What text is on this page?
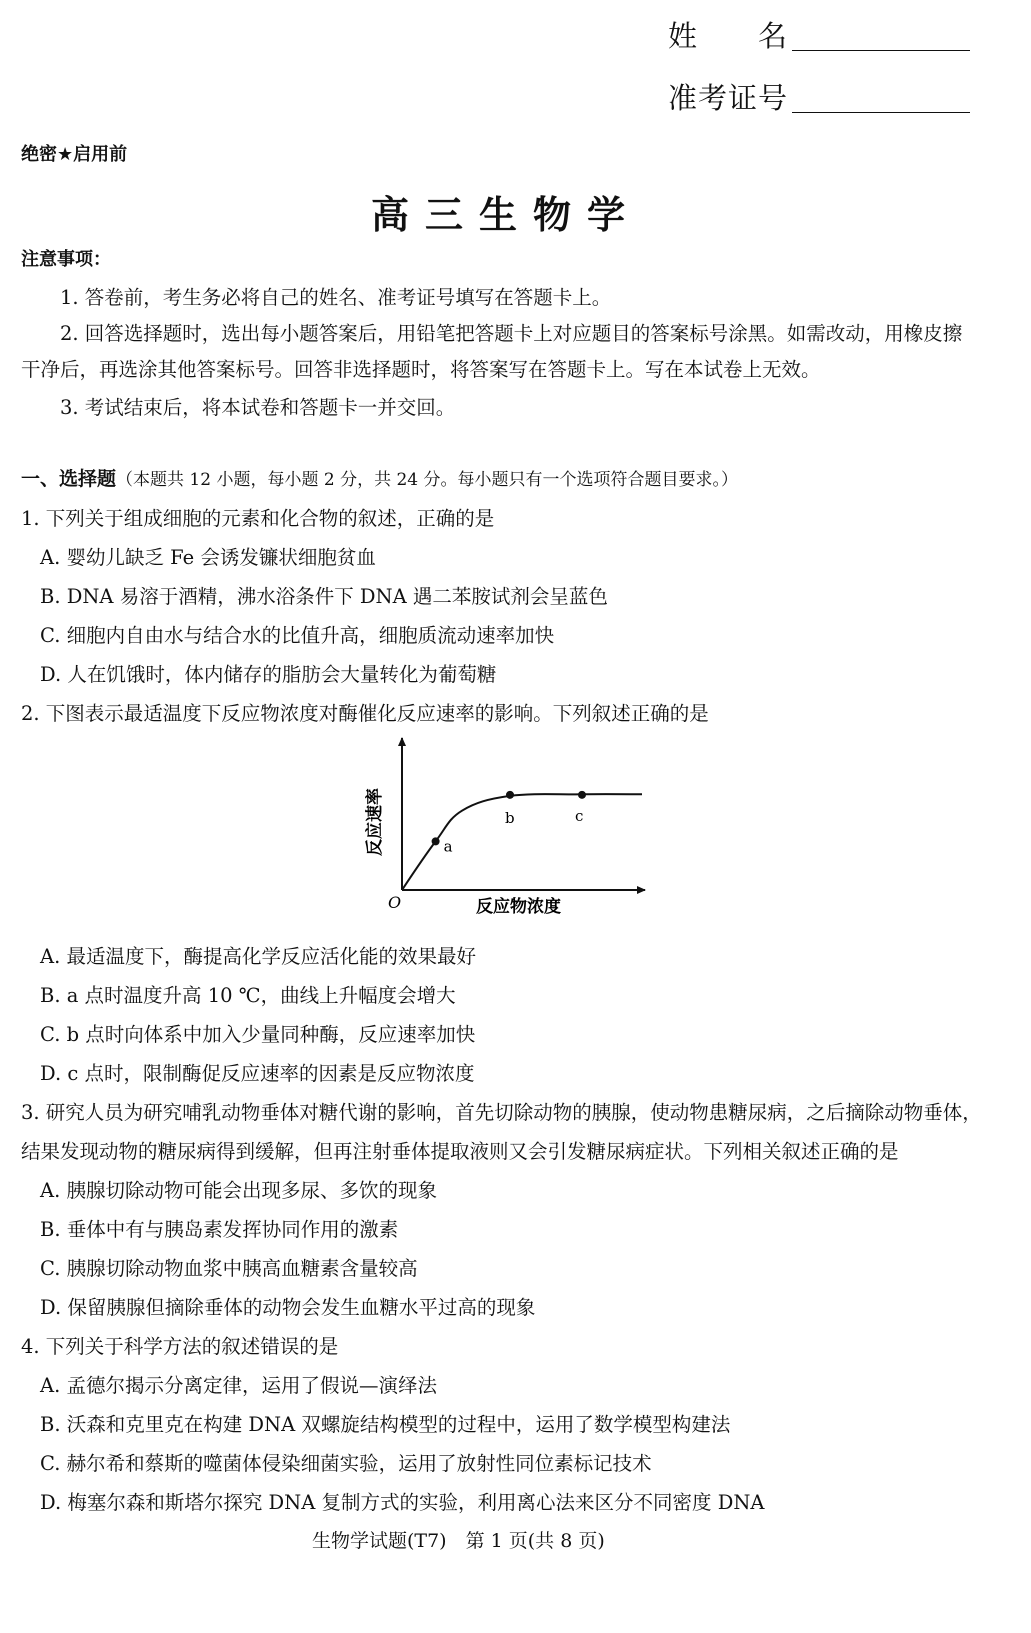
姓　　名
准考证号
绝密★启用前
高三生物学
注意事项：
1. 答卷前，考生务必将自己的姓名、准考证号填写在答题卡上。
2. 回答选择题时，选出每小题答案后，用铅笔把答题卡上对应题目的答案标号涂黑。如需改动，用橡皮擦
干净后，再选涂其他答案标号。回答非选择题时，将答案写在答题卡上。写在本试卷上无效。
3. 考试结束后，将本试卷和答题卡一并交回。
一、选择题（本题共 12 小题，每小题 2 分，共 24 分。每小题只有一个选项符合题目要求。）
1. 下列关于组成细胞的元素和化合物的叙述，正确的是
A. 婴幼儿缺乏 Fe 会诱发镰状细胞贫血
B. DNA 易溶于酒精，沸水浴条件下 DNA 遇二苯胺试剂会呈蓝色
C. 细胞内自由水与结合水的比值升高，细胞质流动速率加快
D. 人在饥饿时，体内储存的脂肪会大量转化为葡萄糖
2. 下图表示最适温度下反应物浓度对酶催化反应速率的影响。下列叙述正确的是
a
b	c
O	反应物浓度
反应速率
A. 最适温度下，酶提高化学反应活化能的效果最好
B. a 点时温度升高 10 ℃，曲线上升幅度会增大
C. b 点时向体系中加入少量同种酶，反应速率加快
D. c 点时，限制酶促反应速率的因素是反应物浓度
3. 研究人员为研究哺乳动物垂体对糖代谢的影响，首先切除动物的胰腺，使动物患糖尿病，之后摘除动物垂体，
结果发现动物的糖尿病得到缓解，但再注射垂体提取液则又会引发糖尿病症状。下列相关叙述正确的是
A. 胰腺切除动物可能会出现多尿、多饮的现象
B. 垂体中有与胰岛素发挥协同作用的激素
C. 胰腺切除动物血浆中胰高血糖素含量较高
D. 保留胰腺但摘除垂体的动物会发生血糖水平过高的现象
4. 下列关于科学方法的叙述错误的是
A. 孟德尔揭示分离定律，运用了假说—演绎法
B. 沃森和克里克在构建 DNA 双螺旋结构模型的过程中，运用了数学模型构建法
C. 赫尔希和蔡斯的噬菌体侵染细菌实验，运用了放射性同位素标记技术
D. 梅塞尔森和斯塔尔探究 DNA 复制方式的实验，利用离心法来区分不同密度 DNA
生物学试题(T7)　第 1 页(共 8 页)
